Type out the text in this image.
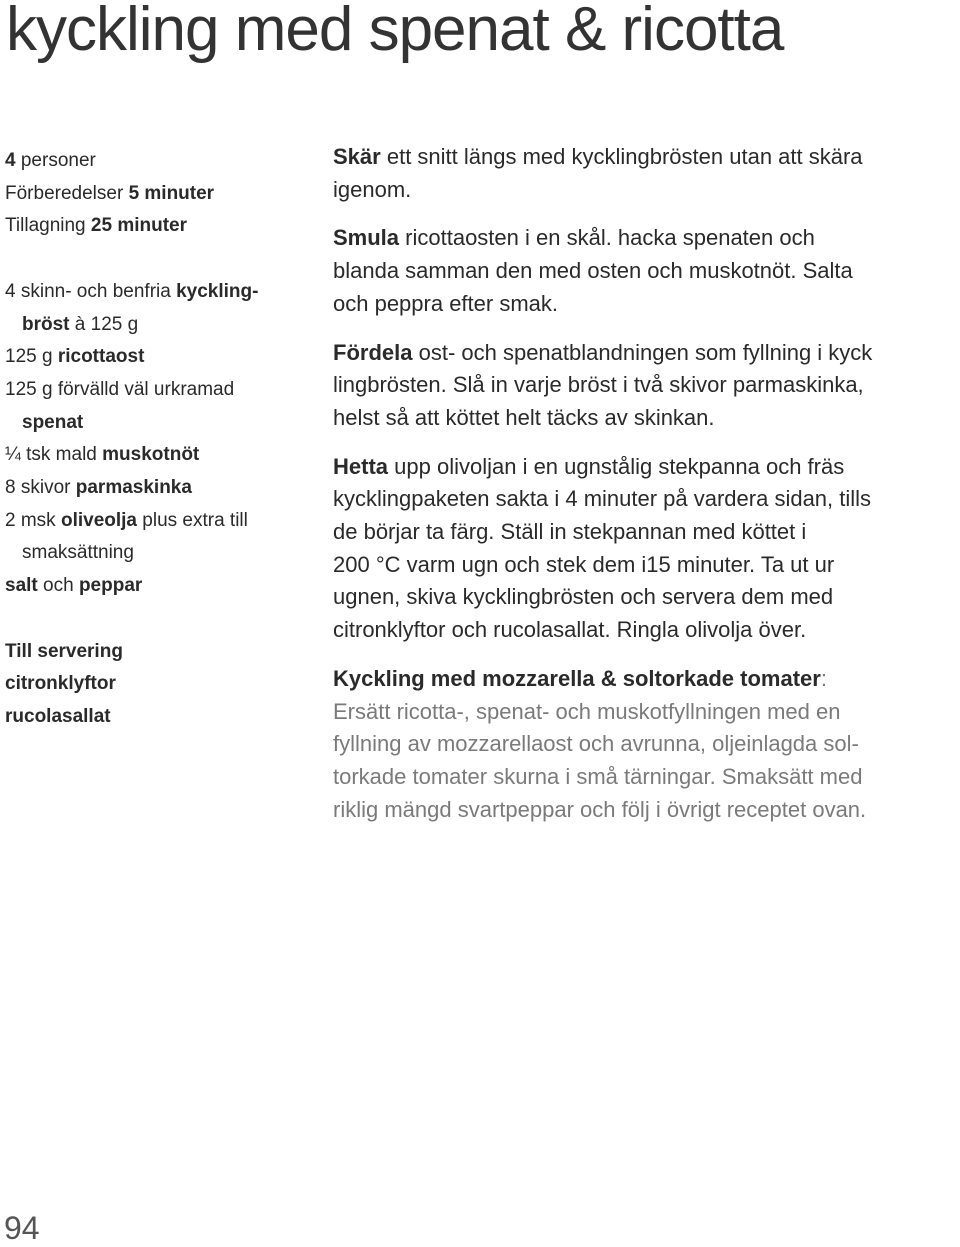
kyckling med spenat & ricotta
4 personer
Förberedelser 5 minuter
Tillagning 25 minuter
4 skinn- och benfria kyckling-
bröst à 125 g
125 g ricottaost
125 g förvälld väl urkramad
spenat
¼ tsk mald muskotnöt
8 skivor parmaskinka
2 msk oliveolja plus extra till
smaksättning
salt och peppar
Till servering
citronklyftor
rucolasallat

Skär ett snitt längs med kycklingbrösten utan att skära
igenom.

Smula ricottaosten i en skål. hacka spenaten och
blanda samman den med osten och muskotnöt. Salta
och peppra efter smak.

Fördela ost- och spenatblandningen som fyllning i kyck
lingbrösten. Slå in varje bröst i två skivor parmaskinka,
helst så att köttet helt täcks av skinkan.

Hetta upp olivoljan i en ugnstålig stekpanna och fräs
kycklingpaketen sakta i 4 minuter på vardera sidan, tills
de börjar ta färg. Ställ in stekpannan med köttet i
200 °C varm ugn och stek dem i15 minuter. Ta ut ur
ugnen, skiva kycklingbrösten och servera dem med
citronklyftor och rucolasallat. Ringla olivolja över.

Kyckling med mozzarella & soltorkade tomater:
Ersätt ricotta-, spenat- och muskotfyllningen med en
fyllning av mozzarellaost och avrunna, oljeinlagda sol-
torkade tomater skurna i små tärningar. Smaksätt med
riklig mängd svartpeppar och följ i övrigt receptet ovan.

94
